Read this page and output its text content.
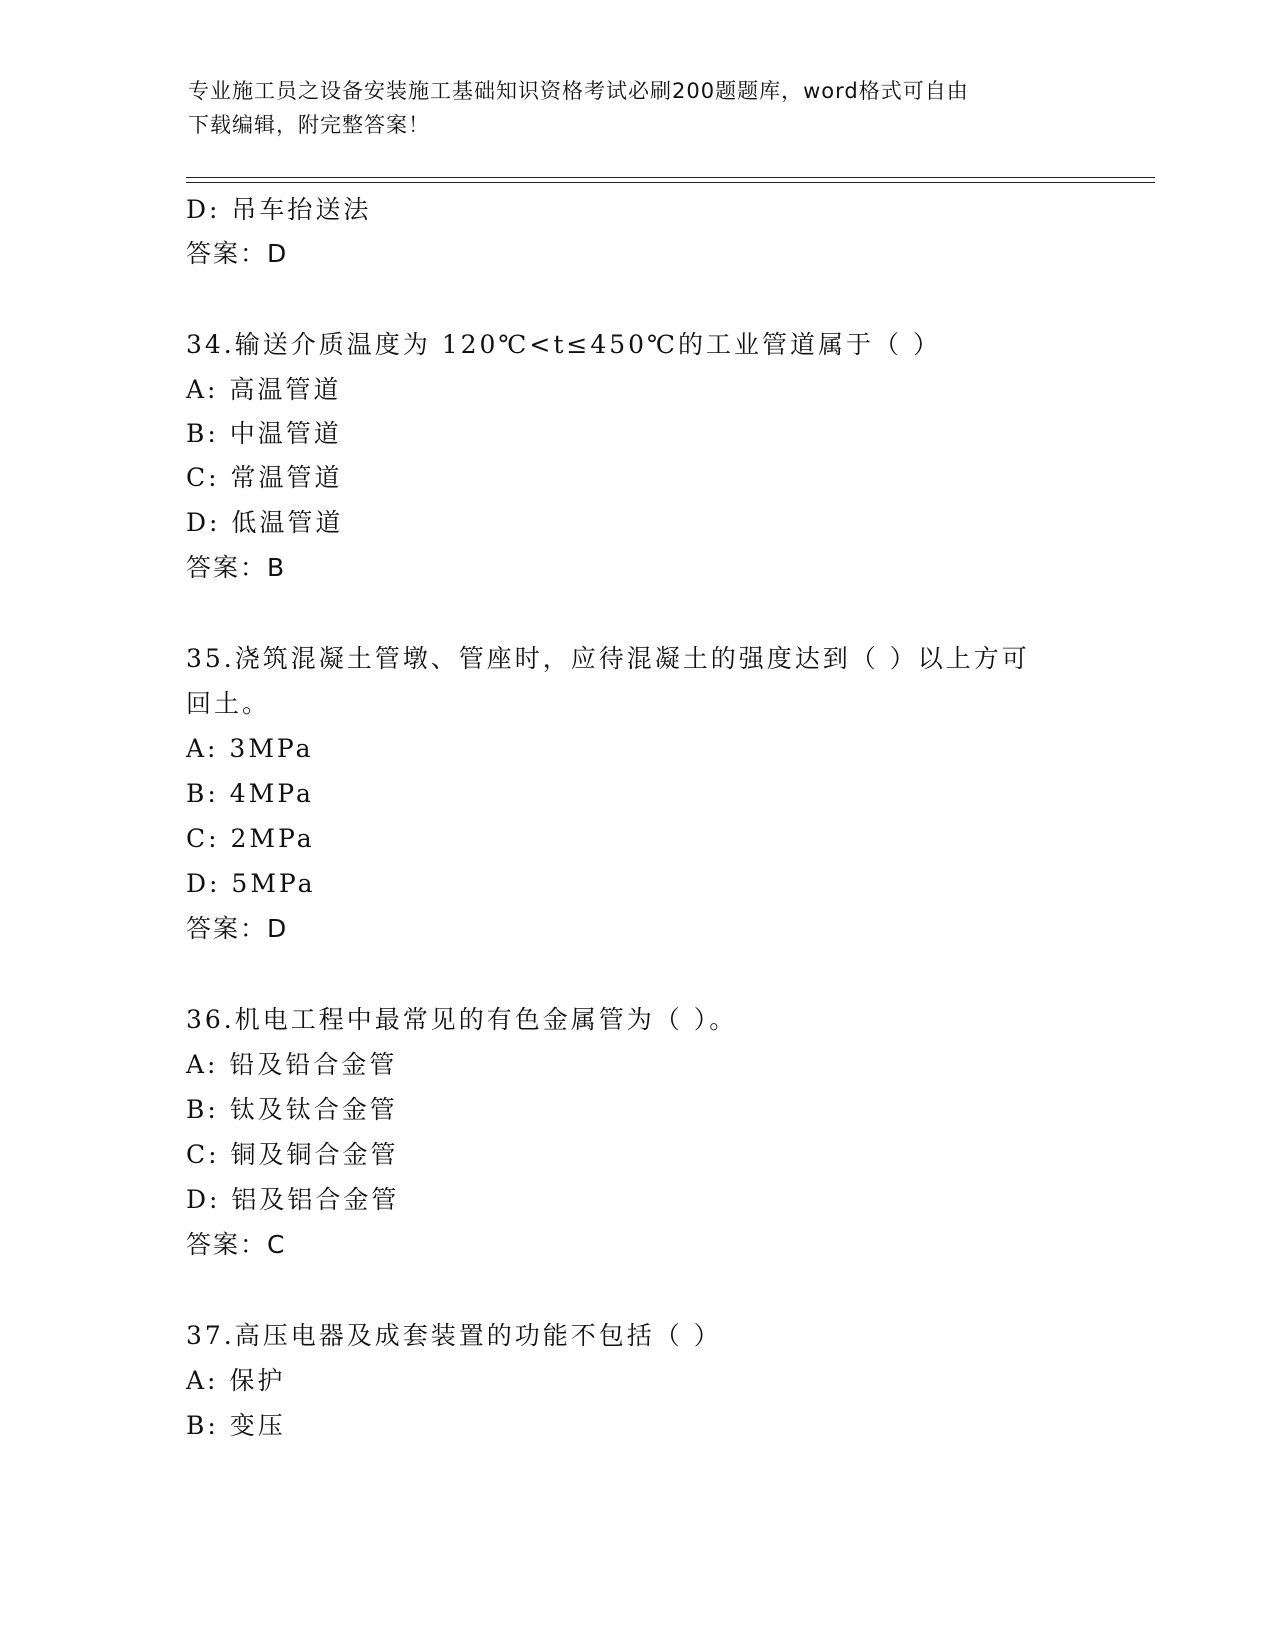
专业施工员之设备安装施工基础知识资格考试必刷200题题库，word格式可自由
下载编辑，附完整答案！
D: 吊车抬送法
答案：D
34.输送介质温度为 120℃<t≤450℃的工业管道属于（ ）
A: 高温管道
B: 中温管道
C: 常温管道
D: 低温管道
答案：B
35.浇筑混凝土管墩、管座时，应待混凝土的强度达到（ ）以上方可
回土。
A: 3MPa
B: 4MPa
C: 2MPa
D: 5MPa
答案：D
36.机电工程中最常见的有色金属管为（ ）。
A: 铅及铅合金管
B: 钛及钛合金管
C: 铜及铜合金管
D: 铝及铝合金管
答案：C
37.高压电器及成套装置的功能不包括（ ）
A: 保护
B: 变压
